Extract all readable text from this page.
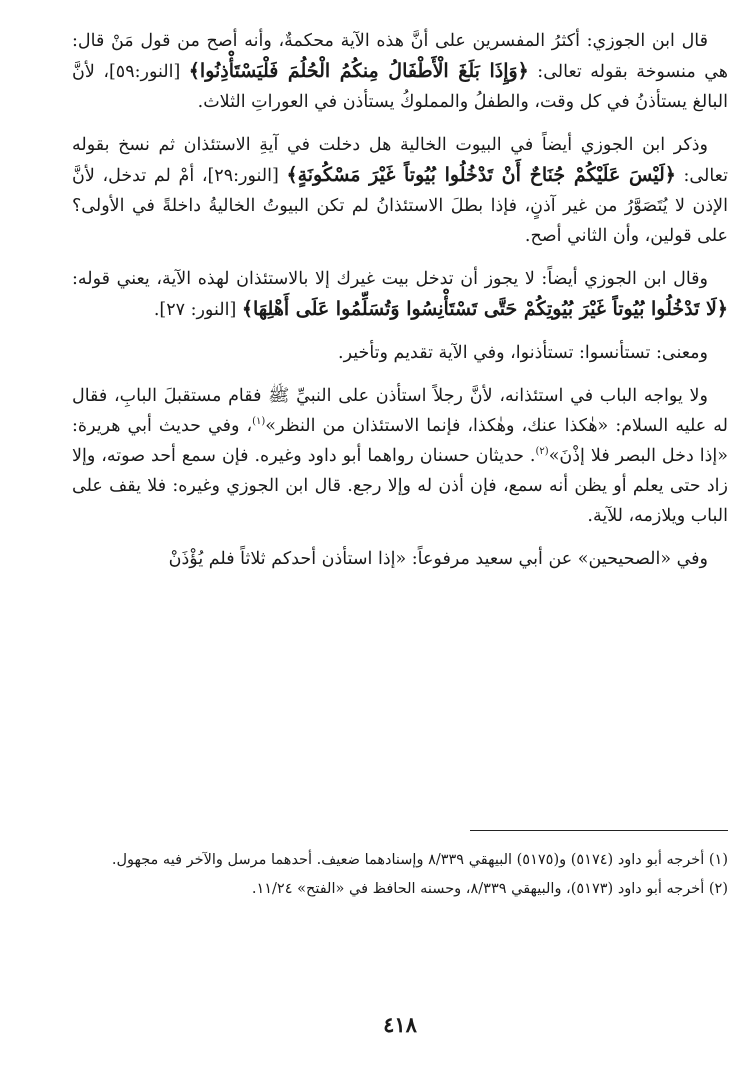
قال ابن الجوزي: أكثرُ المفسرين على أنَّ هذه الآية محكمةٌ، وأنه أصح من قول مَنْ قال: هي منسوخة بقوله تعالى: ﴿وَإِذَا بَلَغَ الْأَطْفَالُ مِنكُمُ الْحُلُمَ فَلْيَسْتَأْذِنُوا﴾ [النور:٥٩]، لأنَّ البالغ يستأذنُ في كل وقت، والطفلُ والمملوكُ يستأذن في العوراتِ الثلاث.

وذكر ابن الجوزي أيضاً في البيوت الخالية هل دخلت في آيةِ الاستئذان ثم نسخ بقوله تعالى: ﴿لَيْسَ عَلَيْكُمْ جُنَاحٌ أَنْ تَدْخُلُوا بُيُوتاً غَيْرَ مَسْكُونَةٍ﴾ [النور:٢٩]، أمْ لم تدخل، لأنَّ الإذن لا يُتَصَوَّرُ من غير آذنٍ، فإذا بطلَ الاستئذانُ لم تكن البيوتُ الخاليةُ داخلةً في الأولى؟ على قولين، وأن الثاني أصح.

وقال ابن الجوزي أيضاً: لا يجوز أن تدخل بيت غيرك إلا بالاستئذان لهذه الآية، يعني قوله: ﴿لَا تَدْخُلُوا بُيُوتاً غَيْرَ بُيُوتِكُمْ حَتَّى تَسْتَأْنِسُوا وَتُسَلِّمُوا عَلَى أَهْلِهَا﴾ [النور: ٢٧].

ومعنى: تستأنسوا: تستأذنوا، وفي الآية تقديم وتأخير.

ولا يواجه الباب في استئذانه، لأنَّ رجلاً استأذن على النبيِّ ﷺ فقام مستقبلَ البابِ، فقال له عليه السلام: «هٰكذا عنك، وهٰكذا، فإنما الاستئذان من النظر»$^{(١)}$، وفي حديث أبي هريرة: «إذا دخل البصر فلا إذْنَ»$^{(٢)}$. حديثان حسنان رواهما أبو داود وغيره. فإن سمع أحد صوته، وإلا زاد حتى يعلم أو يظن أنه سمع، فإن أذن له وإلا رجع. قال ابن الجوزي وغيره: فلا يقف على الباب ويلازمه، للآية.

وفي «الصحيحين» عن أبي سعيد مرفوعاً: «إذا استأذن أحدكم ثلاثاً فلم يُؤْذَنْ

(١) أخرجه أبو داود (٥١٧٤) و(٥١٧٥) البيهقي ٨/٣٣٩ وإسنادهما ضعيف. أحدهما مرسل والآخر فيه مجهول.

(٢) أخرجه أبو داود (٥١٧٣)، والبيهقي ٨/٣٣٩، وحسنه الحافظ في «الفتح» ١١/٢٤.

٤١٨
